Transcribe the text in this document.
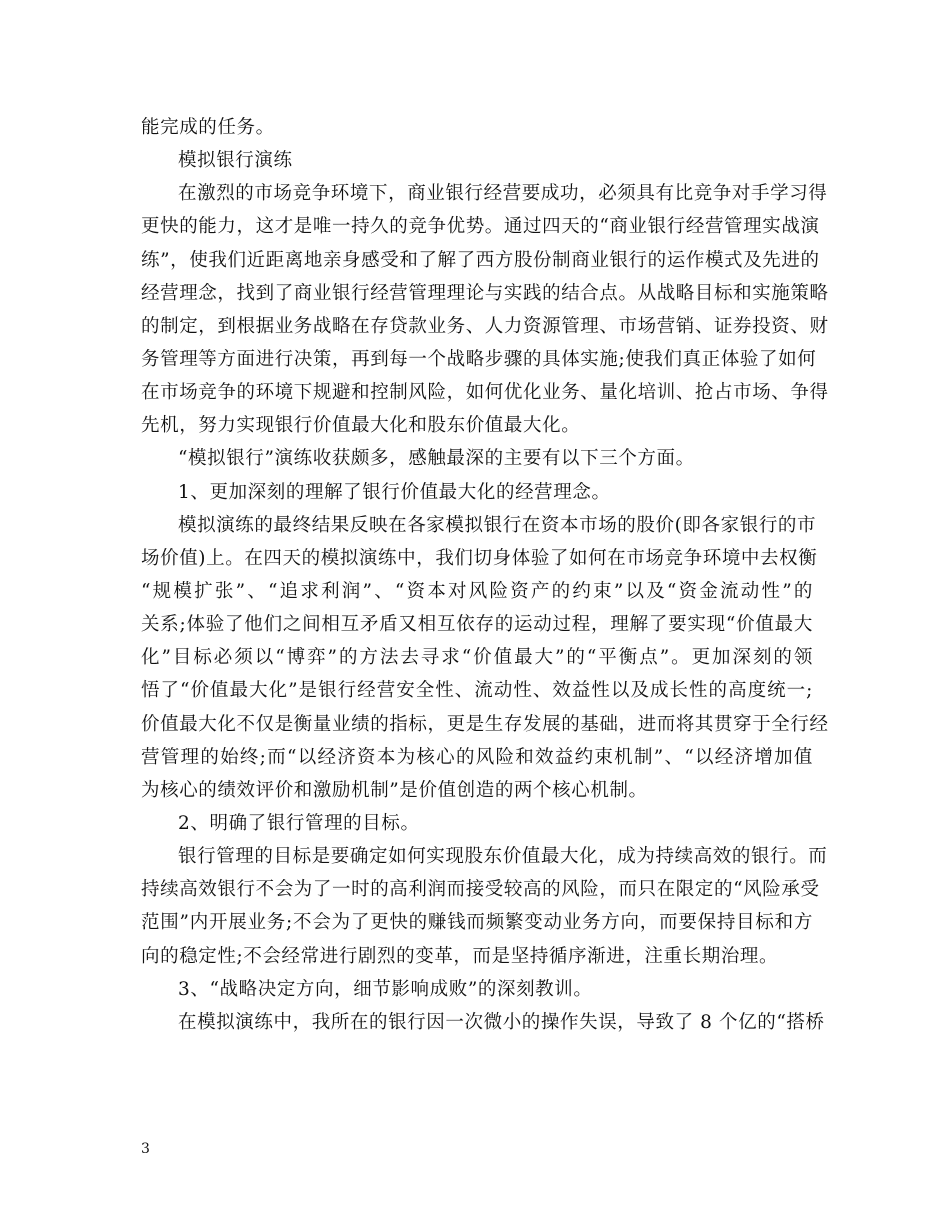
能完成的任务。
模拟银行演练
在激烈的市场竞争环境下，商业银行经营要成功，必须具有比竞争对手学习得
更快的能力，这才是唯一持久的竞争优势。通过四天的“商业银行经营管理实战演
练”，使我们近距离地亲身感受和了解了西方股份制商业银行的运作模式及先进的
经营理念，找到了商业银行经营管理理论与实践的结合点。从战略目标和实施策略
的制定，到根据业务战略在存贷款业务、人力资源管理、市场营销、证券投资、财
务管理等方面进行决策，再到每一个战略步骤的具体实施;使我们真正体验了如何
在市场竞争的环境下规避和控制风险，如何优化业务、量化培训、抢占市场、争得
先机，努力实现银行价值最大化和股东价值最大化。
“模拟银行”演练收获颇多，感触最深的主要有以下三个方面。
1、更加深刻的理解了银行价值最大化的经营理念。
模拟演练的最终结果反映在各家模拟银行在资本市场的股价(即各家银行的市
场价值)上。在四天的模拟演练中，我们切身体验了如何在市场竞争环境中去权衡
“规模扩张”、“追求利润”、“资本对风险资产的约束”以及“资金流动性”的
关系;体验了他们之间相互矛盾又相互依存的运动过程，理解了要实现“价值最大
化”目标必须以“博弈”的方法去寻求“价值最大”的“平衡点”。更加深刻的领
悟了“价值最大化”是银行经营安全性、流动性、效益性以及成长性的高度统一;
价值最大化不仅是衡量业绩的指标，更是生存发展的基础，进而将其贯穿于全行经
营管理的始终;而“以经济资本为核心的风险和效益约束机制”、“以经济增加值
为核心的绩效评价和激励机制”是价值创造的两个核心机制。
2、明确了银行管理的目标。
银行管理的目标是要确定如何实现股东价值最大化，成为持续高效的银行。而
持续高效银行不会为了一时的高利润而接受较高的风险，而只在限定的“风险承受
范围”内开展业务;不会为了更快的赚钱而频繁变动业务方向，而要保持目标和方
向的稳定性;不会经常进行剧烈的变革，而是坚持循序渐进，注重长期治理。
3、“战略决定方向，细节影响成败”的深刻教训。
在模拟演练中，我所在的银行因一次微小的操作失误，导致了 8 个亿的“搭桥
3
